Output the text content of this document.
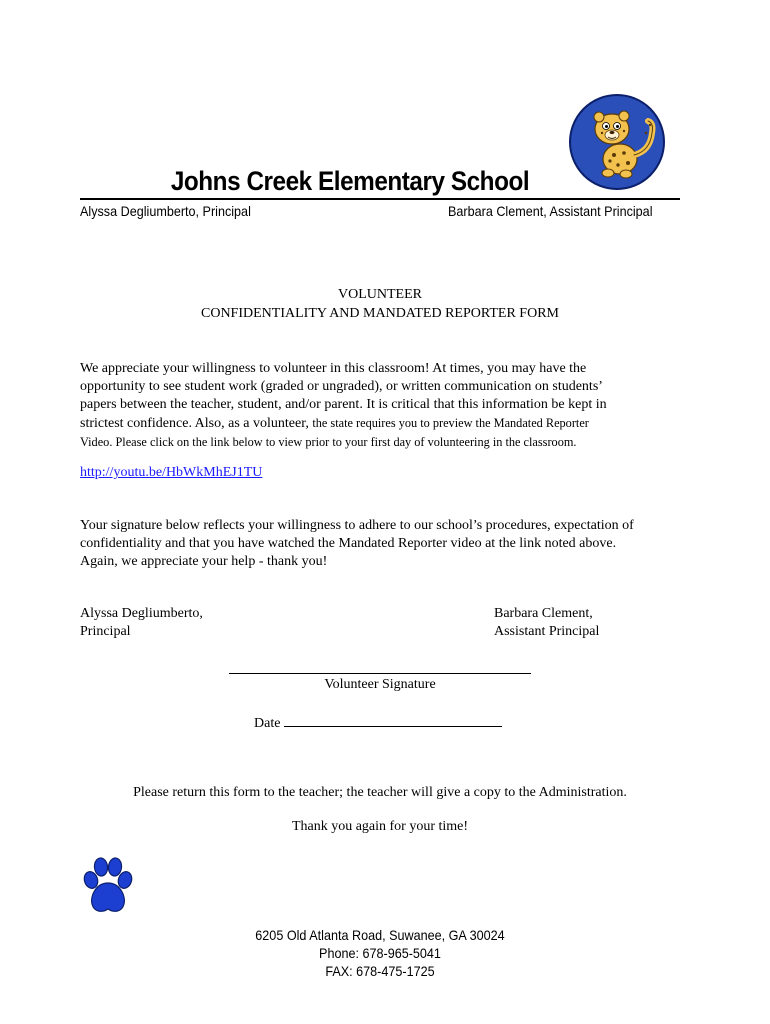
Johns Creek Elementary School
Alyssa Degliumberto, Principal	Barbara Clement, Assistant Principal
VOLUNTEER
CONFIDENTIALITY AND MANDATED REPORTER FORM
We appreciate your willingness to volunteer in this classroom! At times, you may have the
opportunity to see student work (graded or ungraded), or written communication on students’
papers between the teacher, student, and/or parent. It is critical that this information be kept in
strictest confidence. Also, as a volunteer, the state requires you to preview the Mandated Reporter
Video. Please click on the link below to view prior to your first day of volunteering in the classroom.
http://youtu.be/HbWkMhEJ1TU
Your signature below reflects your willingness to adhere to our school’s procedures, expectation of
confidentiality and that you have watched the Mandated Reporter video at the link noted above.
Again, we appreciate your help - thank you!
Alyssa Degliumberto,
Principal
Barbara Clement,
Assistant Principal
Volunteer Signature
Date
Please return this form to the teacher; the teacher will give a copy to the Administration.
Thank you again for your time!
6205 Old Atlanta Road, Suwanee, GA 30024
Phone: 678-965-5041
FAX: 678-475-1725
